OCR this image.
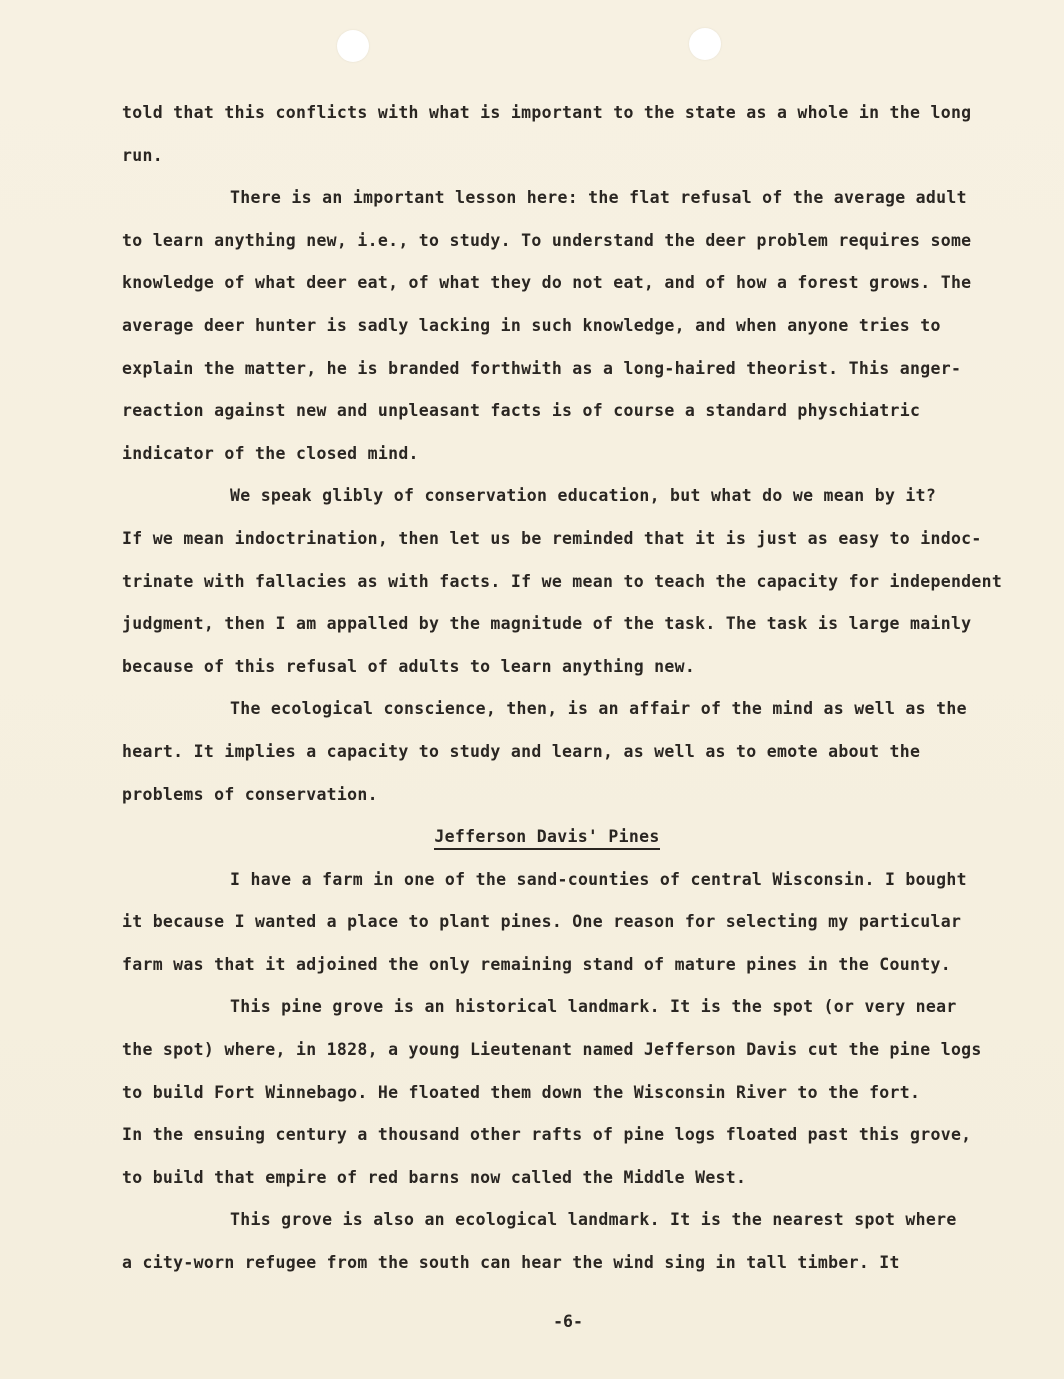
told that this conflicts with what is important to the state as a whole in the long
run.
There is an important lesson here: the flat refusal of the average adult
to learn anything new, i.e., to study. To understand the deer problem requires some
knowledge of what deer eat, of what they do not eat, and of how a forest grows. The
average deer hunter is sadly lacking in such knowledge, and when anyone tries to
explain the matter, he is branded forthwith as a long-haired theorist. This anger-
reaction against new and unpleasant facts is of course a standard physchiatric
indicator of the closed mind.
We speak glibly of conservation education, but what do we mean by it?
If we mean indoctrination, then let us be reminded that it is just as easy to indoc-
trinate with fallacies as with facts. If we mean to teach the capacity for independent
judgment, then I am appalled by the magnitude of the task. The task is large mainly
because of this refusal of adults to learn anything new.
The ecological conscience, then, is an affair of the mind as well as the
heart. It implies a capacity to study and learn, as well as to emote about the
problems of conservation.
Jefferson Davis' Pines
I have a farm in one of the sand-counties of central Wisconsin. I bought
it because I wanted a place to plant pines. One reason for selecting my particular
farm was that it adjoined the only remaining stand of mature pines in the County.
This pine grove is an historical landmark. It is the spot (or very near
the spot) where, in 1828, a young Lieutenant named Jefferson Davis cut the pine logs
to build Fort Winnebago. He floated them down the Wisconsin River to the fort.
In the ensuing century a thousand other rafts of pine logs floated past this grove,
to build that empire of red barns now called the Middle West.
This grove is also an ecological landmark. It is the nearest spot where
a city-worn refugee from the south can hear the wind sing in tall timber. It
-6-
